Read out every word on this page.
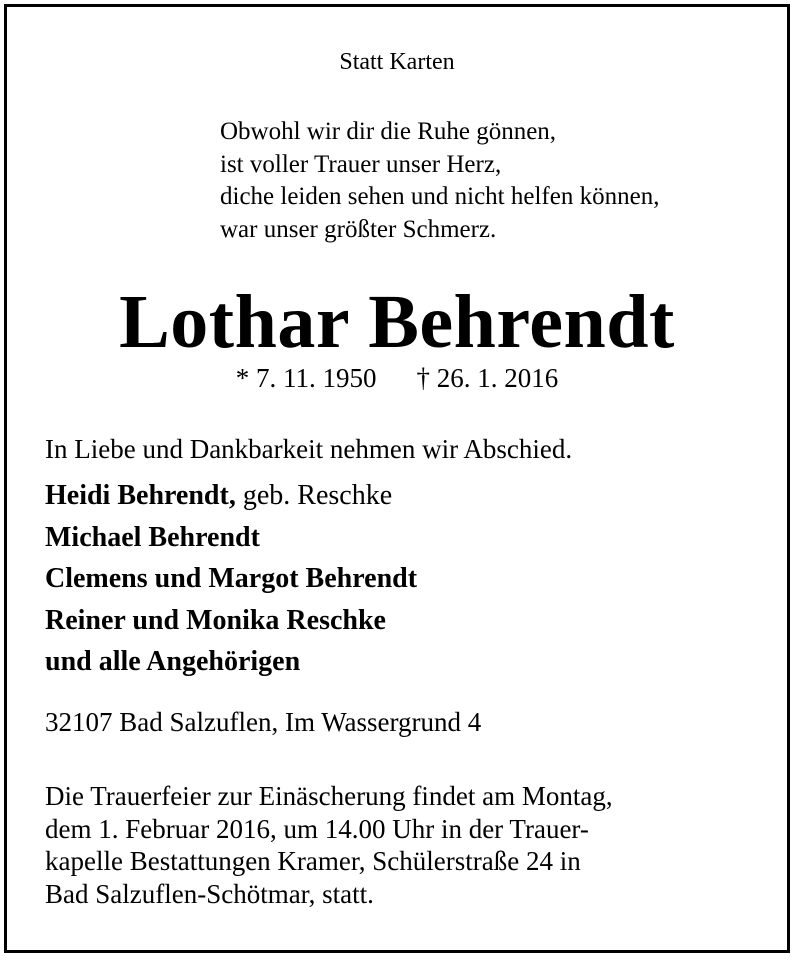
Statt Karten

Obwohl wir dir die Ruhe gönnen,
ist voller Trauer unser Herz,
diche leiden sehen und nicht helfen können,
war unser größter Schmerz.
Lothar Behrendt
* 7. 11. 1950 † 26. 1. 2016

In Liebe und Dankbarkeit nehmen wir Abschied.

Heidi Behrendt, geb. Reschke
Michael Behrendt
Clemens und Margot Behrendt
Reiner und Monika Reschke
und alle Angehörigen

32107 Bad Salzuflen, Im Wassergrund 4

Die Trauerfeier zur Einäscherung findet am Montag,
dem 1. Februar 2016, um 14.00 Uhr in der Trauer-
kapelle Bestattungen Kramer, Schülerstraße 24 in
Bad Salzuflen-Schötmar, statt.
